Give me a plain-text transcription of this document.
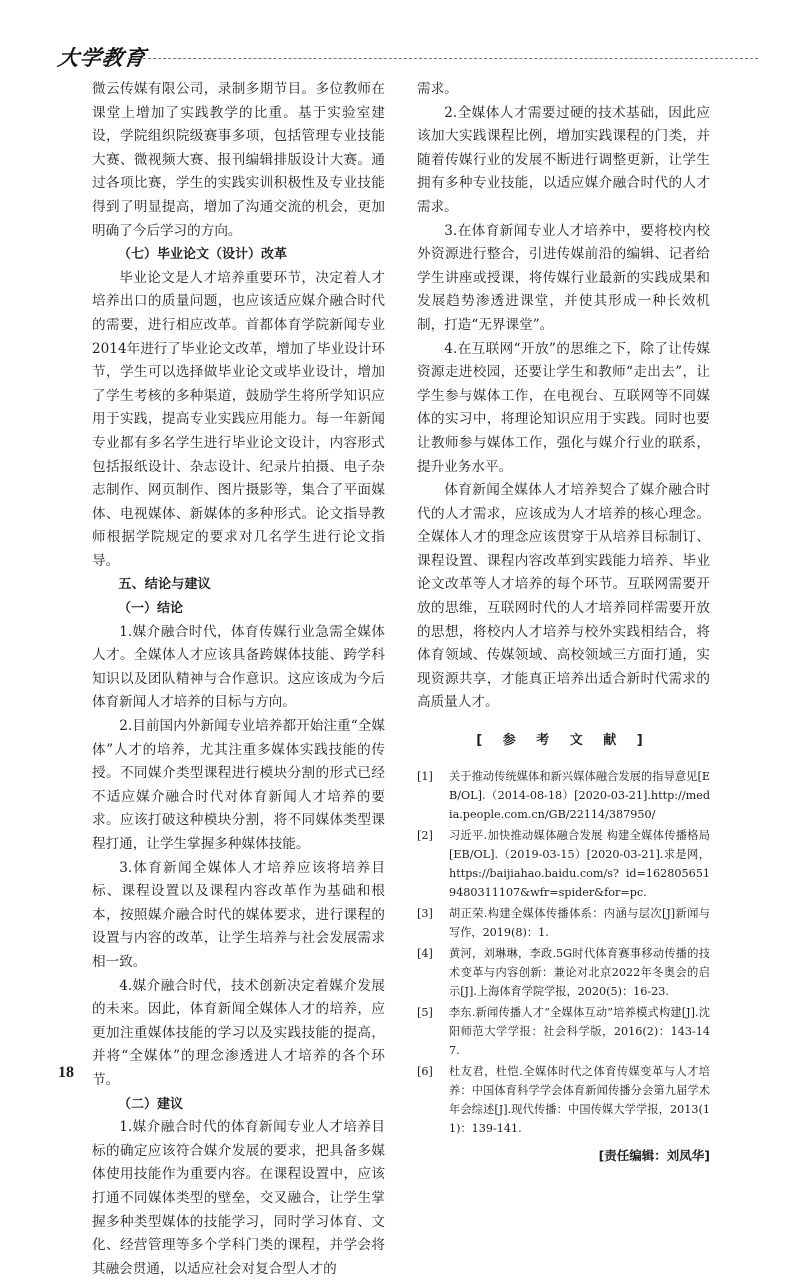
大学教育

微云传媒有限公司，录制多期节目。多位教师在课堂上增加了实践教学的比重。基于实验室建设，学院组织院级赛事多项，包括管理专业技能大赛、微视频大赛、报刊编辑排版设计大赛。通过各项比赛，学生的实践实训积极性及专业技能得到了明显提高，增加了沟通交流的机会，更加明确了今后学习的方向。

（七）毕业论文（设计）改革

毕业论文是人才培养重要环节，决定着人才培养出口的质量问题，也应该适应媒介融合时代的需要，进行相应改革。首都体育学院新闻专业2014年进行了毕业论文改革，增加了毕业设计环节，学生可以选择做毕业论文或毕业设计，增加了学生考核的多种渠道，鼓励学生将所学知识应用于实践，提高专业实践应用能力。每一年新闻专业都有多名学生进行毕业论文设计，内容形式包括报纸设计、杂志设计、纪录片拍摄、电子杂志制作、网页制作、图片摄影等，集合了平面媒体、电视媒体、新媒体的多种形式。论文指导教师根据学院规定的要求对几名学生进行论文指导。

五、结论与建议

（一）结论

1.媒介融合时代，体育传媒行业急需全媒体人才。全媒体人才应该具备跨媒体技能、跨学科知识以及团队精神与合作意识。这应该成为今后体育新闻人才培养的目标与方向。

2.目前国内外新闻专业培养都开始注重“全媒体”人才的培养，尤其注重多媒体实践技能的传授。不同媒介类型课程进行模块分割的形式已经不适应媒介融合时代对体育新闻人才培养的要求。应该打破这种模块分割，将不同媒体类型课程打通，让学生掌握多种媒体技能。

3.体育新闻全媒体人才培养应该将培养目标、课程设置以及课程内容改革作为基础和根本，按照媒介融合时代的媒体要求，进行课程的设置与内容的改革，让学生培养与社会发展需求相一致。

4.媒介融合时代，技术创新决定着媒介发展的未来。因此，体育新闻全媒体人才的培养，应更加注重媒体技能的学习以及实践技能的提高，并将“全媒体”的理念渗透进人才培养的各个环节。

（二）建议

1.媒介融合时代的体育新闻专业人才培养目标的确定应该符合媒介发展的要求，把具备多媒体使用技能作为重要内容。在课程设置中，应该打通不同媒体类型的壁垒，交叉融合，让学生掌握多种类型媒体的技能学习，同时学习体育、文化、经营管理等多个学科门类的课程，并学会将其融会贯通，以适应社会对复合型人才的

需求。

2.全媒体人才需要过硬的技术基础，因此应该加大实践课程比例，增加实践课程的门类，并随着传媒行业的发展不断进行调整更新，让学生拥有多种专业技能，以适应媒介融合时代的人才需求。

3.在体育新闻专业人才培养中，要将校内校外资源进行整合，引进传媒前沿的编辑、记者给学生讲座或授课，将传媒行业最新的实践成果和发展趋势渗透进课堂，并使其形成一种长效机制，打造“无界课堂”。

4.在互联网“开放”的思维之下，除了让传媒资源走进校园，还要让学生和教师“走出去”，让学生参与媒体工作，在电视台、互联网等不同媒体的实习中，将理论知识应用于实践。同时也要让教师参与媒体工作，强化与媒介行业的联系，提升业务水平。

体育新闻全媒体人才培养契合了媒介融合时代的人才需求，应该成为人才培养的核心理念。全媒体人才的理念应该贯穿于从培养目标制订、课程设置、课程内容改革到实践能力培养、毕业论文改革等人才培养的每个环节。互联网需要开放的思维，互联网时代的人才培养同样需要开放的思想，将校内人才培养与校外实践相结合，将体育领域、传媒领域、高校领域三方面打通，实现资源共享，才能真正培养出适合新时代需求的高质量人才。

[ 参 考 文 献 ]
[1]	关于推动传统媒体和新兴媒体融合发展的指导意见[EB/OL].（2014-08-18）[2020-03-21].http://media.people.com.cn/GB/22114/387950/
[2]	习近平.加快推动媒体融合发展 构建全媒体传播格局[EB/OL].（2019-03-15）[2020-03-21].求是网，https://baijiahao.baidu.com/s? id=1628056519480311107&wfr=spider&for=pc.
[3]	胡正荣.构建全媒体传播体系：内涵与层次[J]新闻与写作，2019(8)：1.
[4]	黄河，刘琳琳，李政.5G时代体育赛事移动传播的技术变革与内容创新：兼论对北京2022年冬奥会的启示[J].上海体育学院学报，2020(5)：16-23.
[5]	李东.新闻传播人才“全媒体互动”培养模式构建[J].沈阳师范大学学报：社会科学版，2016(2)：143-147.
[6]	杜友君，杜恺.全媒体时代之体育传媒变革与人才培养：中国体育科学学会体育新闻传播分会第九届学术年会综述[J].现代传播：中国传媒大学学报，2013(11)：139-141.
[责任编辑：刘凤华]
18
